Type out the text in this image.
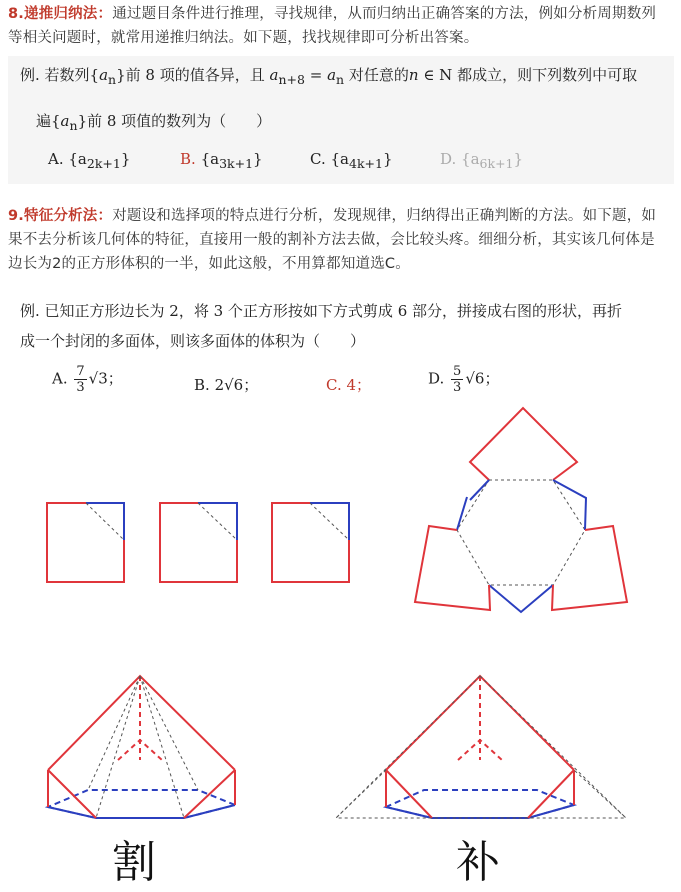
8.递推归纳法：通过题目条件进行推理，寻找规律，从而归纳出正确答案的方法，例如分析周期数列
等相关问题时，就常用递推归纳法。如下题，找找规律即可分析出答案。
例. 若数列$\{a_n\}$前 8 项的值各异，且 $a_{n+8} = a_n$ 对任意的n ∈ N 都成立，则下列数列中可取
遍$\{a_n\}$前 8 项值的数列为（　　）
A. $\{a_{2k+1}\}$	B. $\{a_{3k+1}\}$	C. $\{a_{4k+1}\}$	D. $\{a_{6k+1}\}$
9.特征分析法：对题设和选择项的特点进行分析，发现规律，归纳得出正确判断的方法。如下题，如
果不去分析该几何体的特征，直接用一般的割补方法去做，会比较头疼。细细分析，其实该几何体是
边长为2的正方形体积的一半，如此这般，不用算都知道选C。
例. 已知正方形边长为 2，将 3 个正方形按如下方式剪成 6 部分，拼接成右图的形状，再折
成一个封闭的多面体，则该多面体的体积为（　　）
A. $\frac{7}{3} √3$；	B. 2√6；	C. 4；	D. $\frac{5}{3} √6$；
割	补
